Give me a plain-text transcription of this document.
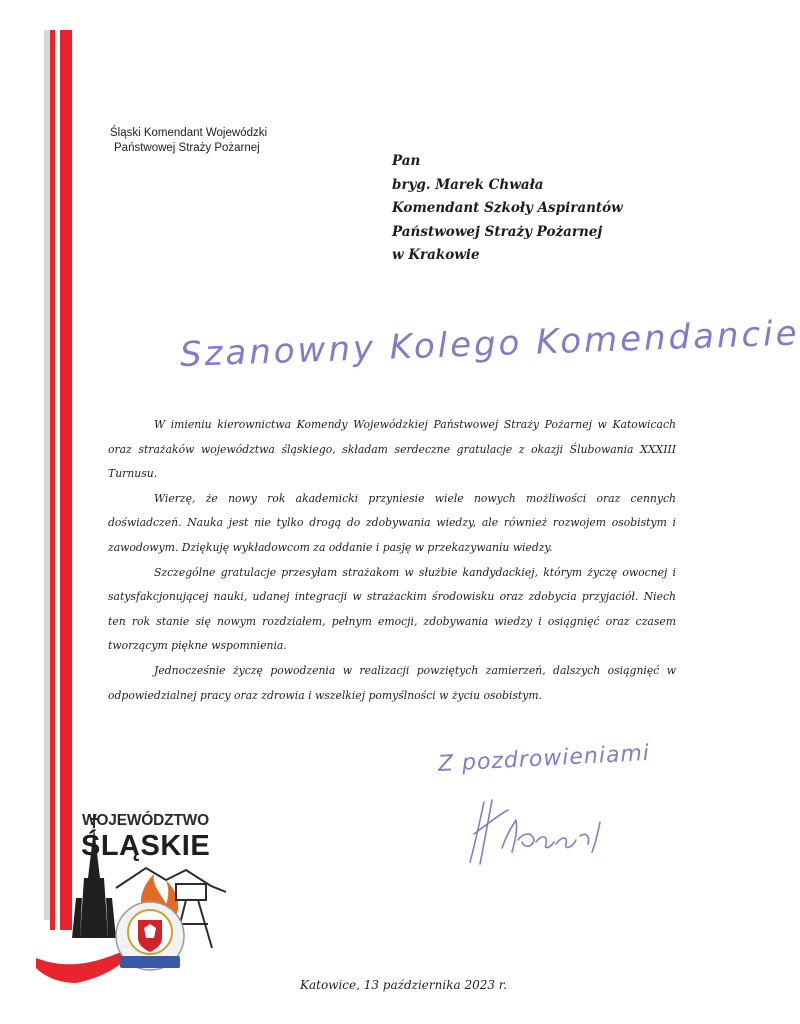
Śląski Komendant Wojewódzki
Państwowej Straży Pożarnej
Pan
bryg. Marek Chwała
Komendant Szkoły Aspirantów
Państwowej Straży Pożarnej
w Krakowie
Szanowny Kolego Komendancie

W imieniu kierownictwa Komendy Wojewódzkiej Państwowej Straży Pożarnej w Katowicach oraz strażaków województwa śląskiego, składam serdeczne gratulacje z okazji Ślubowania XXXIII Turnusu.

Wierzę, że nowy rok akademicki przyniesie wiele nowych możliwości oraz cennych doświadczeń. Nauka jest nie tylko drogą do zdobywania wiedzy, ale również rozwojem osobistym i zawodowym. Dziękuję wykładowcom za oddanie i pasję w przekazywaniu wiedzy.

Szczególne gratulacje przesyłam strażakom w służbie kandydackiej, którym życzę owocnej i satysfakcjonującej nauki, udanej integracji w strażackim środowisku oraz zdobycia przyjaciół. Niech ten rok stanie się nowym rozdziałem, pełnym emocji, zdobywania wiedzy i osiągnięć oraz czasem tworzącym piękne wspomnienia.

Jednocześnie życzę powodzenia w realizacji powziętych zamierzeń, dalszych osiągnięć w odpowiedzialnej pracy oraz zdrowia i wszelkiej pomyślności w życiu osobistym.

Z pozdrowieniami
WOJEWÓDZTWO
ŚLĄSKIE
Katowice, 13 października 2023 r.
